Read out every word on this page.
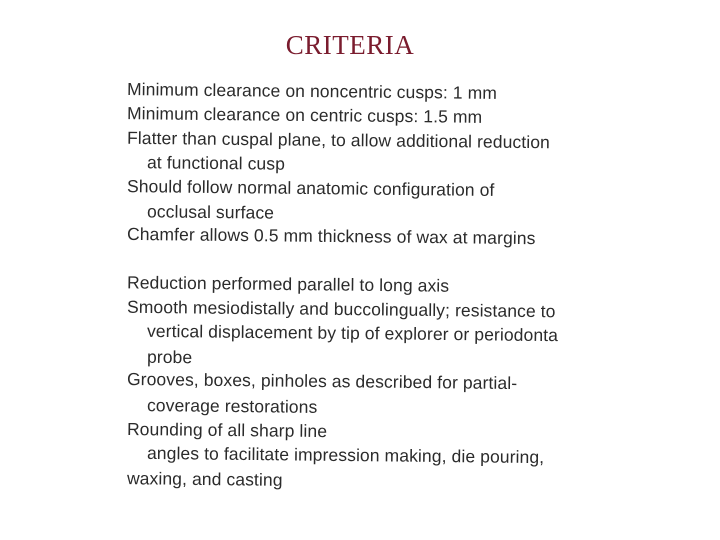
CRITERIA
Minimum clearance on noncentric cusps: 1 mm
Minimum clearance on centric cusps: 1.5 mm
Flatter than cuspal plane, to allow additional reduction
at functional cusp
Should follow normal anatomic configuration of
occlusal surface
Chamfer allows 0.5 mm thickness of wax at margins
Reduction performed parallel to long axis
Smooth mesiodistally and buccolingually; resistance to
vertical displacement by tip of explorer or periodonta
probe
Grooves, boxes, pinholes as described for partial-
coverage restorations
Rounding of all sharp line
angles to facilitate impression making, die pouring,
waxing, and casting
